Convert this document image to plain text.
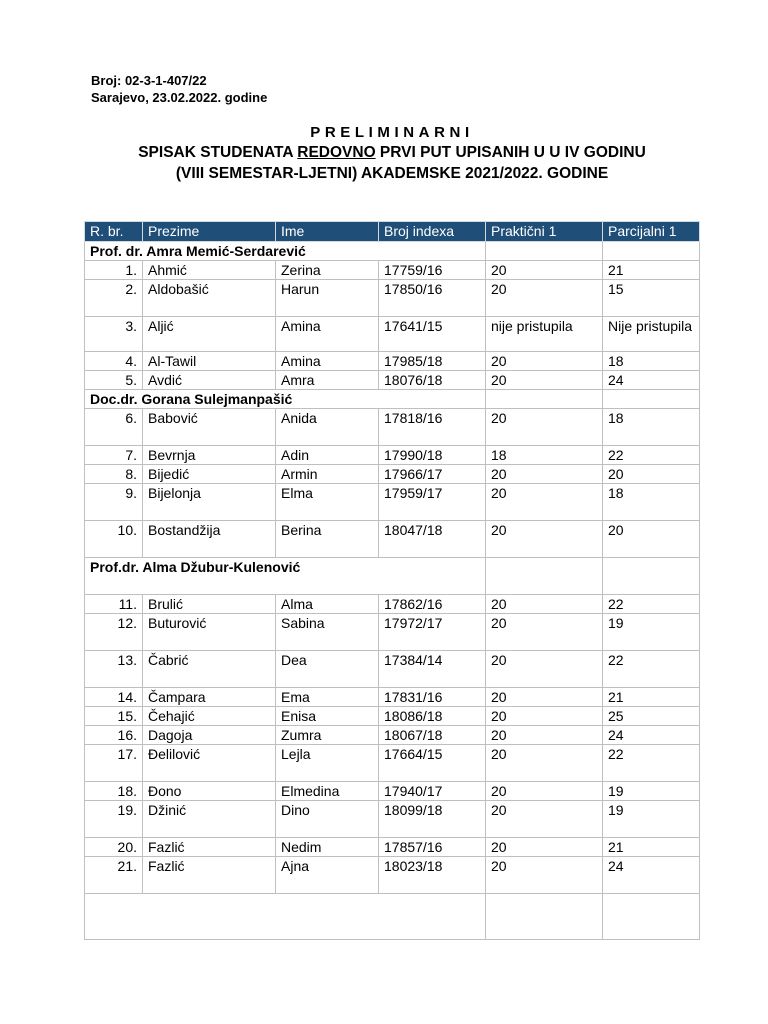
Broj: 02-3-1-407/22
Sarajevo, 23.02.2022. godine
PRELIMINARNI
SPISAK STUDENATA REDOVNO PRVI PUT UPISANIH U U IV GODINU
(VIII SEMESTAR-LJETNI) AKADEMSKE 2021/2022. GODINE
R. br.	Prezime	Ime	Broj indexa	Praktični 1	Parcijalni 1
Prof. dr. Amra Memić-Serdarević					
1.	Ahmić	Zerina	17759/16	20	21
2.	Aldobašić	Harun	17850/16	20	15
3.	Aljić	Amina	17641/15	nije pristupila	Nije pristupila
4.	Al-Tawil	Amina	17985/18	20	18
5.	Avdić	Amra	18076/18	20	24
Doc.dr. Gorana Sulejmanpašić					
6.	Babović	Anida	17818/16	20	18
7.	Bevrnja	Adin	17990/18	18	22
8.	Bijedić	Armin	17966/17	20	20
9.	Bijelonja	Elma	17959/17	20	18
10.	Bostandžija	Berina	18047/18	20	20
Prof.dr. Alma Džubur-Kulenović					
11.	Brulić	Alma	17862/16	20	22
12.	Buturović	Sabina	17972/17	20	19
13.	Čabrić	Dea	17384/14	20	22
14.	Čampara	Ema	17831/16	20	21
15.	Čehajić	Enisa	18086/18	20	25
16.	Dagoja	Zumra	18067/18	20	24
17.	Đelilović	Lejla	17664/15	20	22
18.	Đono	Elmedina	17940/17	20	19
19.	Džinić	Dino	18099/18	20	19
20.	Fazlić	Nedim	17857/16	20	21
21.	Fazlić	Ajna	18023/18	20	24
